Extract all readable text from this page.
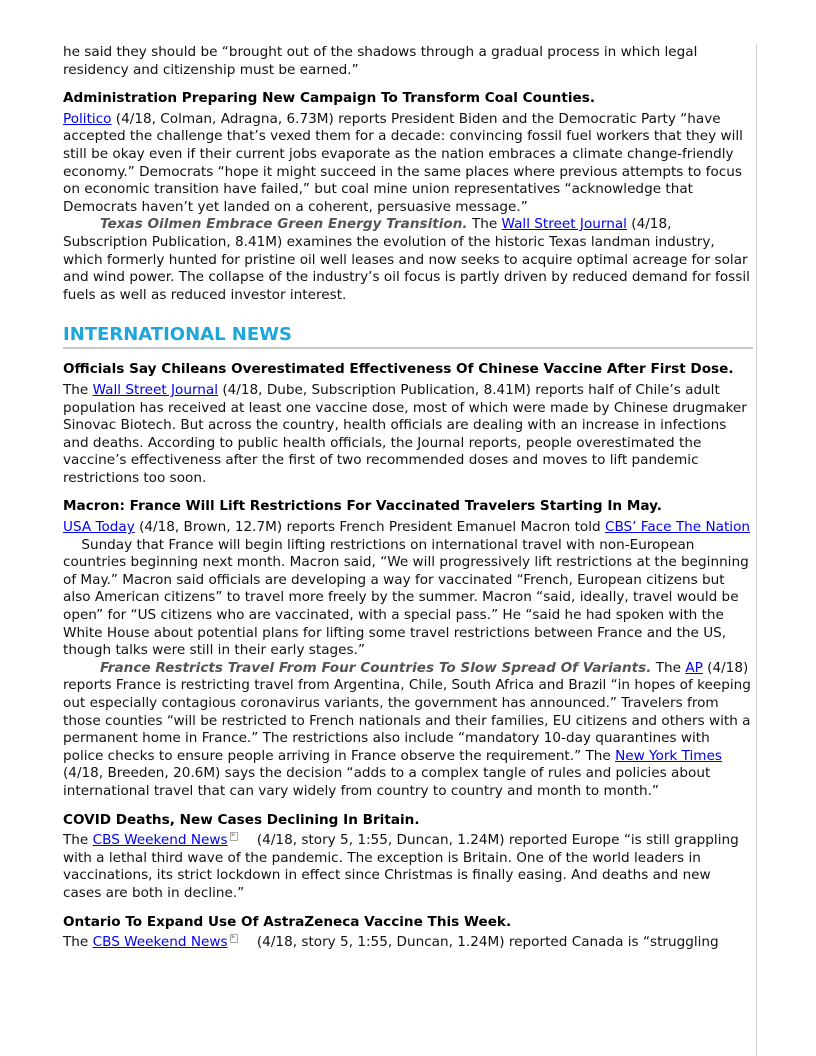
he said they should be “brought out of the shadows through a gradual process in which legal residency and citizenship must be earned.”

Administration Preparing New Campaign To Transform Coal Counties.

Politico (4/18, Colman, Adragna, 6.73M) reports President Biden and the Democratic Party “have accepted the challenge that’s vexed them for a decade: convincing fossil fuel workers that they will still be okay even if their current jobs evaporate as the nation embraces a climate change-friendly economy.” Democrats “hope it might succeed in the same places where previous attempts to focus on economic transition have failed,” but coal mine union representatives “acknowledge that Democrats haven’t yet landed on a coherent, persuasive message.”

Texas Oilmen Embrace Green Energy Transition. The Wall Street Journal (4/18, Subscription Publication, 8.41M) examines the evolution of the historic Texas landman industry, which formerly hunted for pristine oil well leases and now seeks to acquire optimal acreage for solar and wind power. The collapse of the industry’s oil focus is partly driven by reduced demand for fossil fuels as well as reduced investor interest.

INTERNATIONAL NEWS
Officials Say Chileans Overestimated Effectiveness Of Chinese Vaccine After First Dose.

The Wall Street Journal (4/18, Dube, Subscription Publication, 8.41M) reports half of Chile’s adult population has received at least one vaccine dose, most of which were made by Chinese drugmaker Sinovac Biotech. But across the country, health officials are dealing with an increase in infections and deaths. According to public health officials, the Journal reports, people overestimated the vaccine’s effectiveness after the first of two recommended doses and moves to lift pandemic restrictions too soon.

Macron: France Will Lift Restrictions For Vaccinated Travelers Starting In May.

USA Today (4/18, Brown, 12.7M) reports French President Emanuel Macron told CBS’ Face The Nation Sunday that France will begin lifting restrictions on international travel with non-European countries beginning next month. Macron said, “We will progressively lift restrictions at the beginning of May.” Macron said officials are developing a way for vaccinated “French, European citizens but also American citizens” to travel more freely by the summer. Macron “said, ideally, travel would be open” for “US citizens who are vaccinated, with a special pass.” He “said he had spoken with the White House about potential plans for lifting some travel restrictions between France and the US, though talks were still in their early stages.”

France Restricts Travel From Four Countries To Slow Spread Of Variants. The AP (4/18) reports France is restricting travel from Argentina, Chile, South Africa and Brazil “in hopes of keeping out especially contagious coronavirus variants, the government has announced.” Travelers from those counties “will be restricted to French nationals and their families, EU citizens and others with a permanent home in France.” The restrictions also include “mandatory 10-day quarantines with police checks to ensure people arriving in France observe the requirement.” The New York Times (4/18, Breeden, 20.6M) says the decision “adds to a complex tangle of rules and policies about international travel that can vary widely from country to country and month to month.”

COVID Deaths, New Cases Declining In Britain.

The CBS Weekend News ▶ (4/18, story 5, 1:55, Duncan, 1.24M) reported Europe “is still grappling with a lethal third wave of the pandemic. The exception is Britain. One of the world leaders in vaccinations, its strict lockdown in effect since Christmas is finally easing. And deaths and new cases are both in decline.”

Ontario To Expand Use Of AstraZeneca Vaccine This Week.

The CBS Weekend News ▶ (4/18, story 5, 1:55, Duncan, 1.24M) reported Canada is “struggling
